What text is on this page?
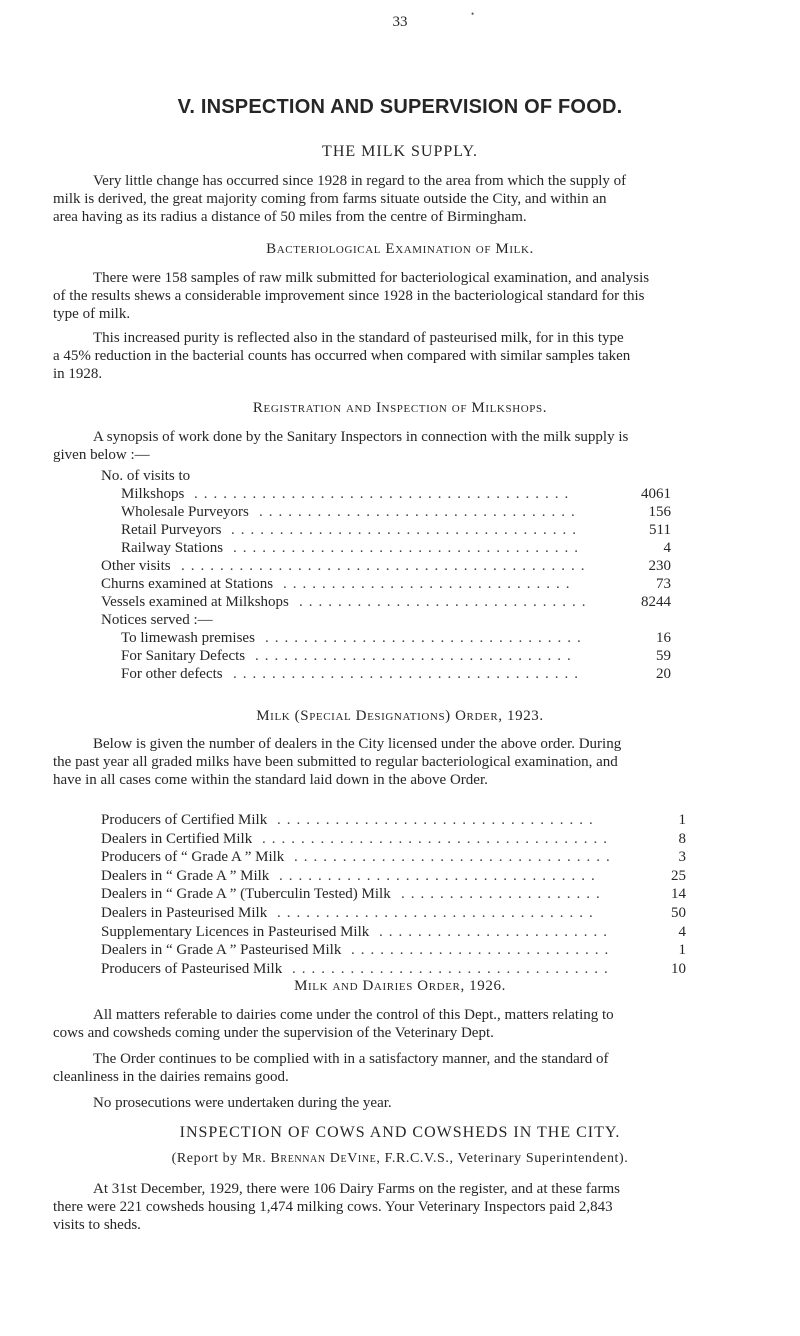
•
33
V. INSPECTION AND SUPERVISION OF FOOD.
THE MILK SUPPLY.
Very little change has occurred since 1928 in regard to the area from which the supply of
milk is derived, the great majority coming from farms situate outside the City, and within an
area having as its radius a distance of 50 miles from the centre of Birmingham.
Bacteriological Examination of Milk.
There were 158 samples of raw milk submitted for bacteriological examination, and analysis
of the results shews a considerable improvement since 1928 in the bacteriological standard for this
type of milk.
This increased purity is reflected also in the standard of pasteurised milk, for in this type
a 45% reduction in the bacterial counts has occurred when compared with similar samples taken
in 1928.
Registration and Inspection of Milkshops.
A synopsis of work done by the Sanitary Inspectors in connection with the milk supply is
given below :—
No. of visits to
Milkshops .......................................	4061
Wholesale Purveyors .................................	156
Retail Purveyors ....................................	511
Railway Stations ....................................	4
Other visits ..........................................	230
Churns examined at Stations ..............................	73
Vessels examined at Milkshops ..............................	8244
Notices served :—
To limewash premises .................................	16
For Sanitary Defects .................................	59
For other defects ....................................	20
Milk (Special Designations) Order, 1923.
Below is given the number of dealers in the City licensed under the above order. During
the past year all graded milks have been submitted to regular bacteriological examination, and
have in all cases come within the standard laid down in the above Order.
Producers of Certified Milk .................................	1
Dealers in Certified Milk ....................................	8
Producers of “ Grade A ” Milk .................................	3
Dealers in “ Grade A ” Milk .................................	25
Dealers in “ Grade A ” (Tuberculin Tested) Milk .....................	14
Dealers in Pasteurised Milk .................................	50
Supplementary Licences in Pasteurised Milk ........................	4
Dealers in “ Grade A ” Pasteurised Milk ...........................	1
Producers of Pasteurised Milk .................................	10
Milk and Dairies Order, 1926.
All matters referable to dairies come under the control of this Dept., matters relating to
cows and cowsheds coming under the supervision of the Veterinary Dept.
The Order continues to be complied with in a satisfactory manner, and the standard of
cleanliness in the dairies remains good.
No prosecutions were undertaken during the year.
INSPECTION OF COWS AND COWSHEDS IN THE CITY.
(Report by Mr. Brennan DeVine, F.R.C.V.S., Veterinary Superintendent).
At 31st December, 1929, there were 106 Dairy Farms on the register, and at these farms
there were 221 cowsheds housing 1,474 milking cows. Your Veterinary Inspectors paid 2,843
visits to sheds.
